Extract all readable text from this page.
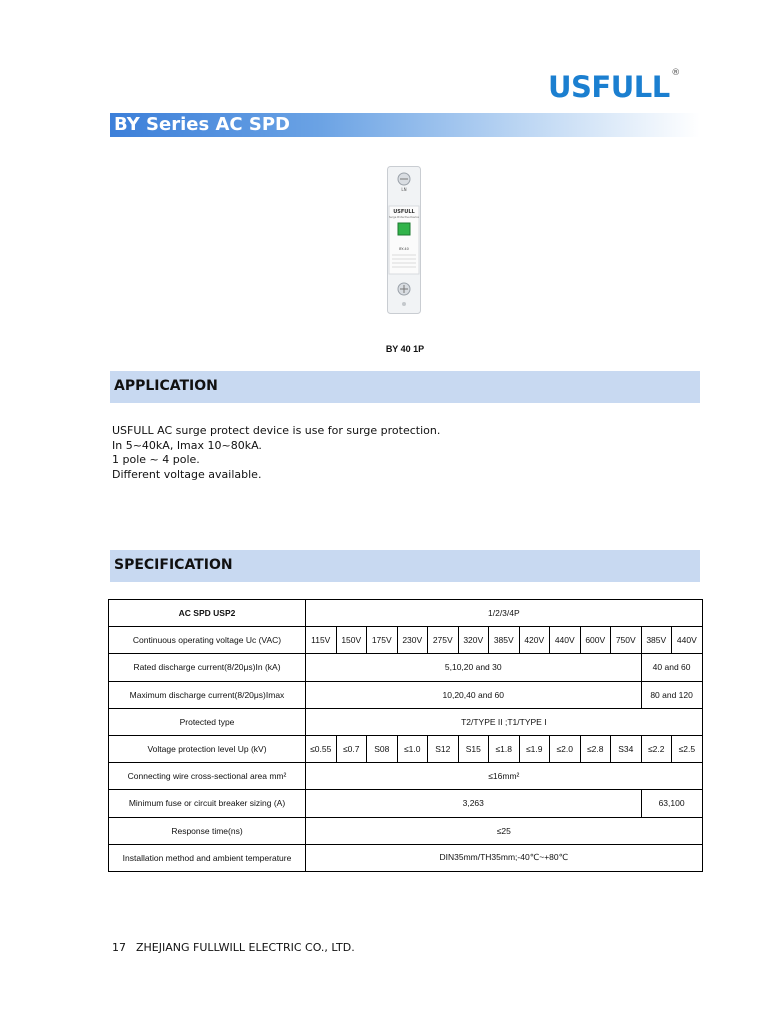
USFULL ®
BY Series AC SPD
LN
USFULL
Surge Protective Device
BY-40
BY 40 1P
APPLICATION
USFULL AC surge protect device is use for surge protection.
In 5~40kA, Imax 10~80kA.
1 pole ~ 4 pole.
Different voltage available.
SPECIFICATION
AC SPD USP2	1/2/3/4P												
Continuous operating voltage Uc (VAC)	115V	150V	175V	230V	275V	320V	385V	420V	440V	600V	750V	385V	440V
Rated discharge current(8/20μs)In (kA)	5,10,20 and 30											40 and 60	
Maximum discharge current(8/20μs)Imax	10,20,40 and 60											80 and 120	
Protected type	T2/TYPE II ;T1/TYPE I												
Voltage protection level Up (kV)	≤0.55	≤0.7	S08	≤1.0	S12	S15	≤1.8	≤1.9	≤2.0	≤2.8	S34	≤2.2	≤2.5
Connecting wire cross-sectional area mm²	≤16mm²												
Minimum fuse or circuit breaker sizing (A)	3,263											63,100	
Response time(ns)	≤25												
Installation method and ambient temperature	DIN35mm/TH35mm;-40℃~+80℃												
17 ZHEJIANG FULLWILL ELECTRIC CO., LTD.
